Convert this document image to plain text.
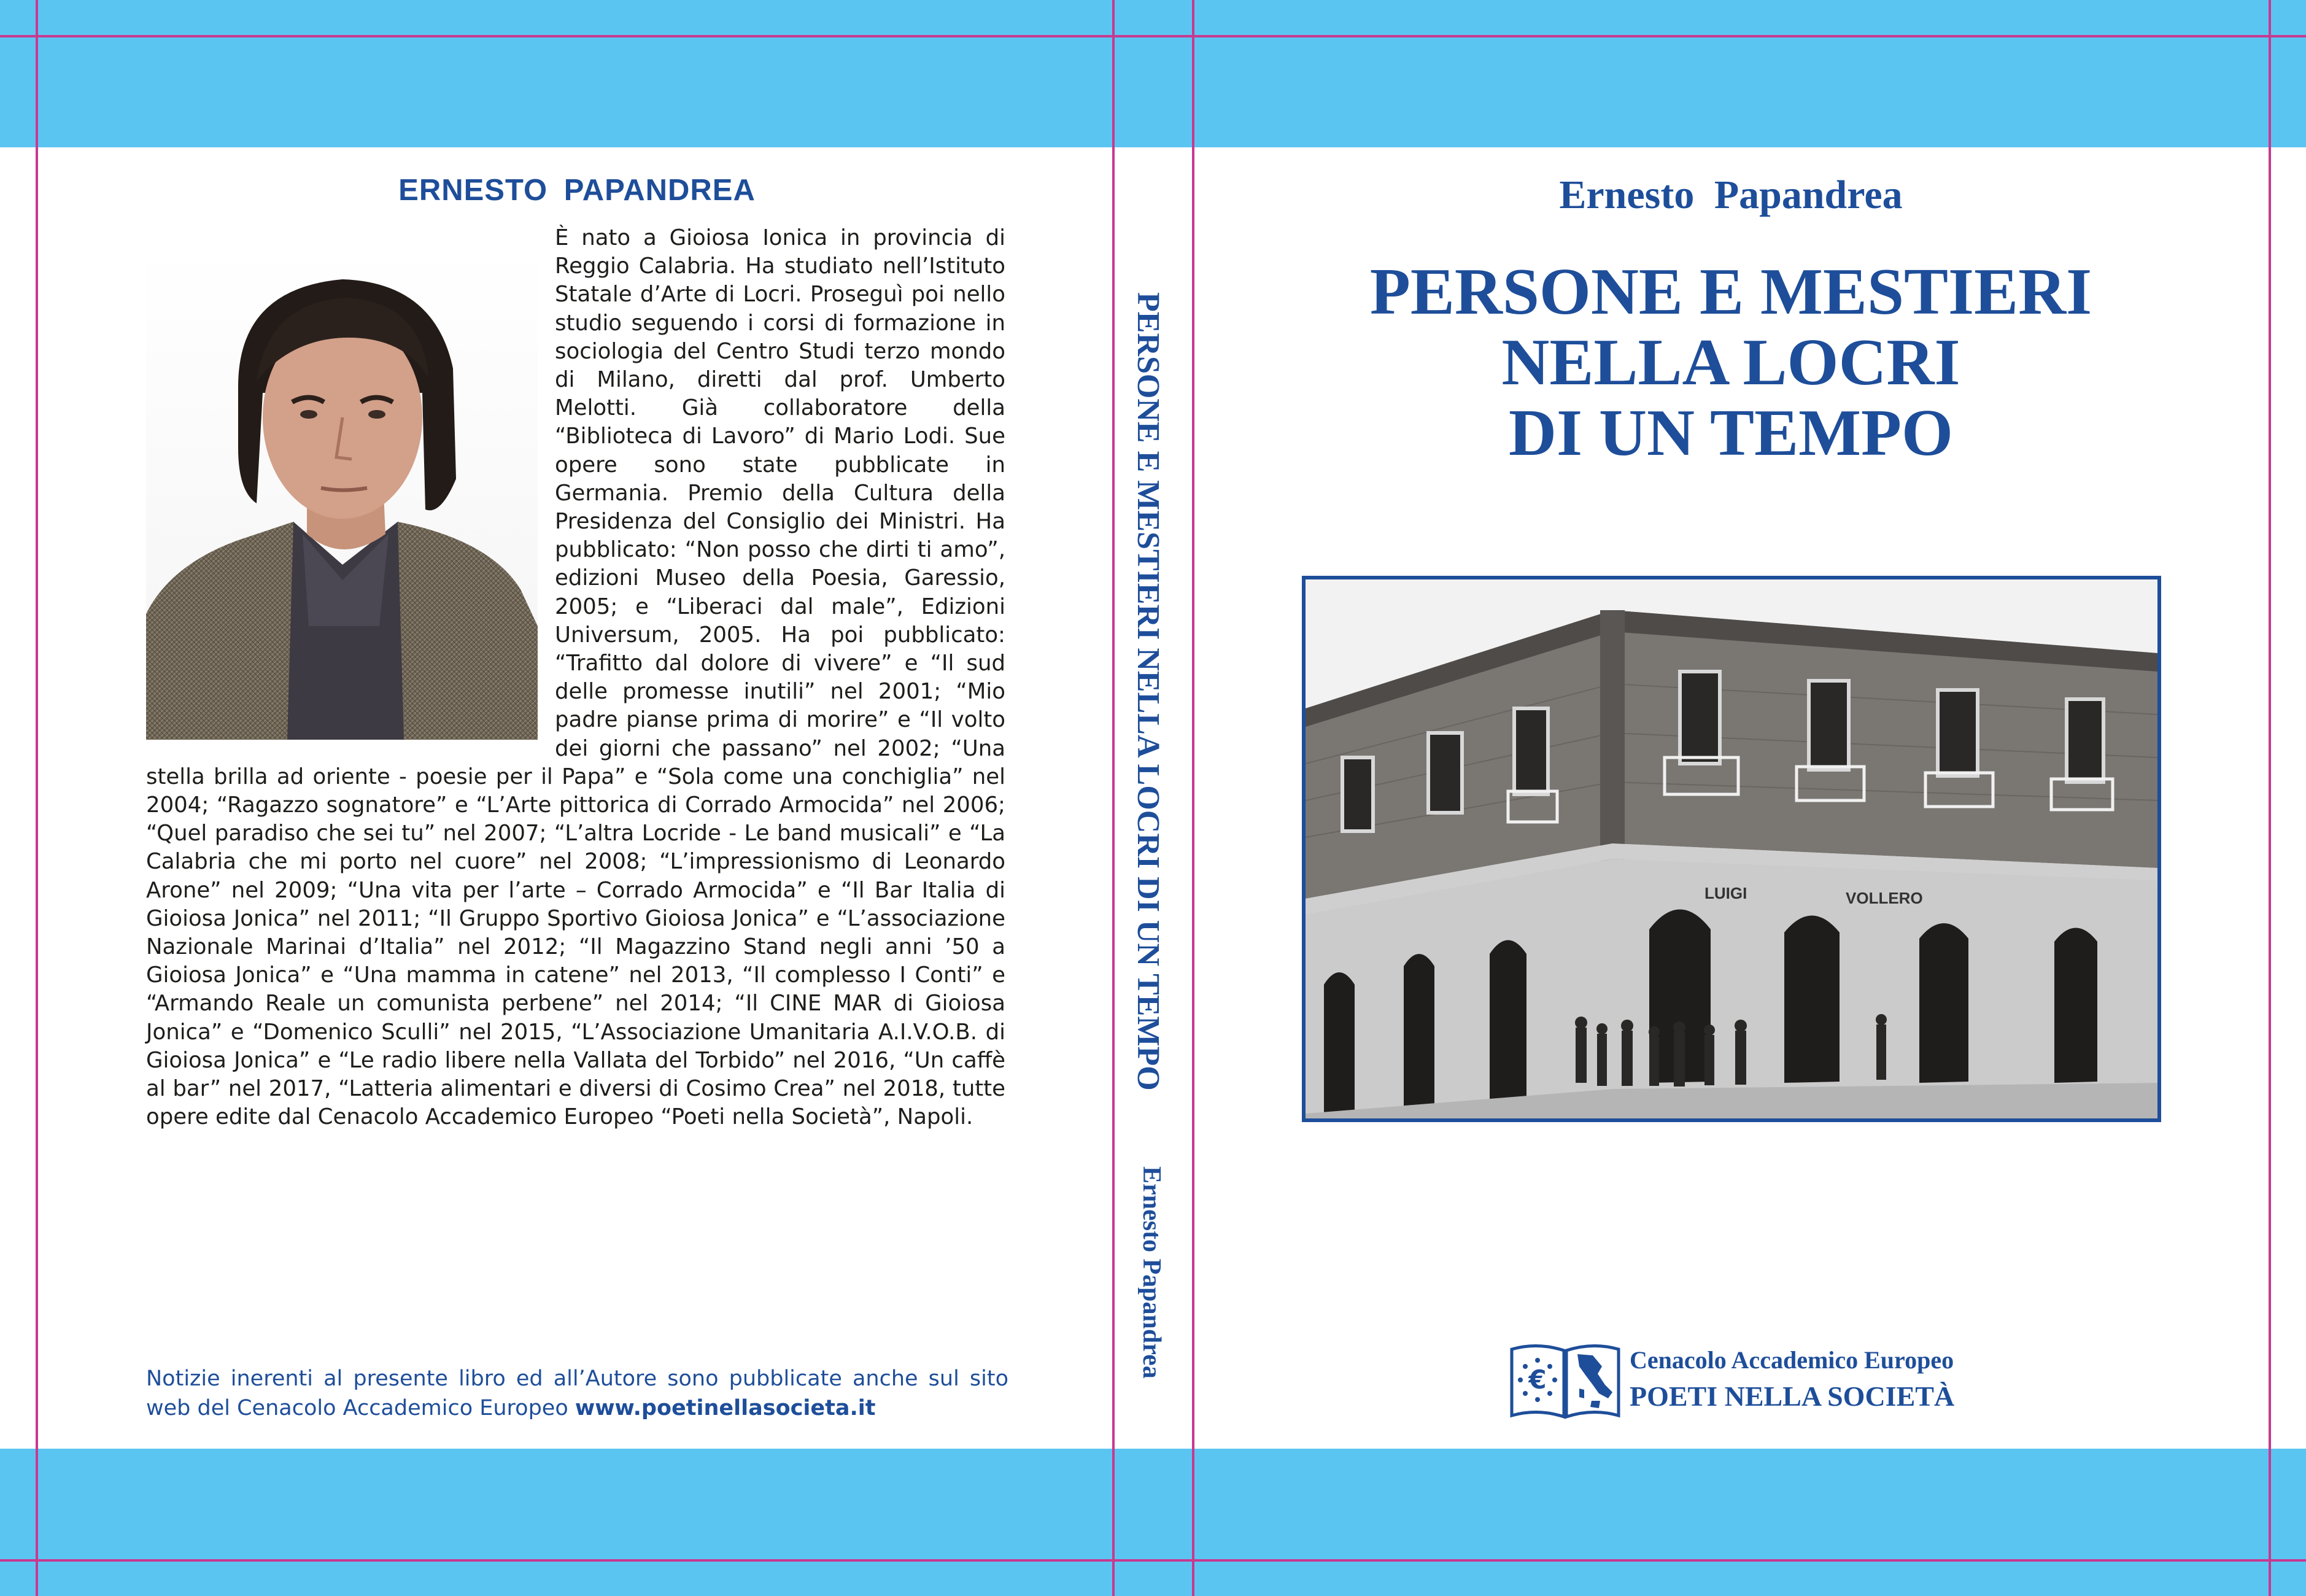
ERNESTO PAPANDREA
È nato a Gioiosa Ionica in provincia di Reggio Calabria. Ha studiato nell’Istituto Statale d’Arte di Locri. Proseguì poi nello studio seguendo i corsi di formazione in sociologia del Centro Studi terzo mondo di Milano, diretti dal prof. Umberto Melotti. Già collaboratore della “Biblioteca di Lavoro” di Mario Lodi. Sue opere sono state pubblicate in Germania. Premio della Cultura della Presidenza del Consiglio dei Ministri. Ha pubblicato: “Non posso che dirti ti amo”, edizioni Museo della Poesia, Garessio, 2005; e “Liberaci dal male”, Edizioni Universum, 2005. Ha poi pubblicato: “Trafitto dal dolore di vivere” e “Il sud delle promesse inutili” nel 2001; “Mio padre pianse prima di morire” e “Il volto dei giorni che passano” nel 2002; “Una stella brilla ad oriente - poesie per il Papa” e “Sola come una conchiglia” nel 2004; “Ragazzo sognatore” e “L’Arte pittorica di Corrado Armocida” nel 2006; “Quel paradiso che sei tu” nel 2007; “L’altra Locride - Le band musicali” e “La Calabria che mi porto nel cuore” nel 2008; “L’impressionismo di Leonardo Arone” nel 2009; “Una vita per l’arte – Corrado Armocida” e “Il Bar Italia di Gioiosa Jonica” nel 2011; “Il Gruppo Sportivo Gioiosa Jonica” e “L’associazione Nazionale Marinai d’Italia” nel 2012; “Il Magazzino Stand negli anni ’50 a Gioiosa Jonica” e “Una mamma in catene” nel 2013, “Il complesso I Conti” e “Armando Reale un comunista perbene” nel 2014; “Il CINE MAR di Gioiosa Jonica” e “Domenico Sculli” nel 2015, “L’Associazione Umanitaria A.I.V.O.B. di Gioiosa Jonica” e “Le radio libere nella Vallata del Torbido” nel 2016, “Un caffè al bar” nel 2017, “Latteria alimentari e diversi di Cosimo Crea” nel 2018, tutte opere edite dal Cenacolo Accademico Europeo “Poeti nella Società”, Napoli.
Notizie inerenti al presente libro ed all’Autore sono pubblicate anche sul sito web del Cenacolo Accademico Europeo www.poetinellasocieta.it
PERSONE E MESTIERI NELLA LOCRI DI UN TEMPO
Ernesto Papandrea
Ernesto Papandrea
PERSONE E MESTIERI
NELLA LOCRI
DI UN TEMPO
LUIGI	VOLLERO
€
Cenacolo Accademico Europeo
POETI NELLA SOCIETÀ
